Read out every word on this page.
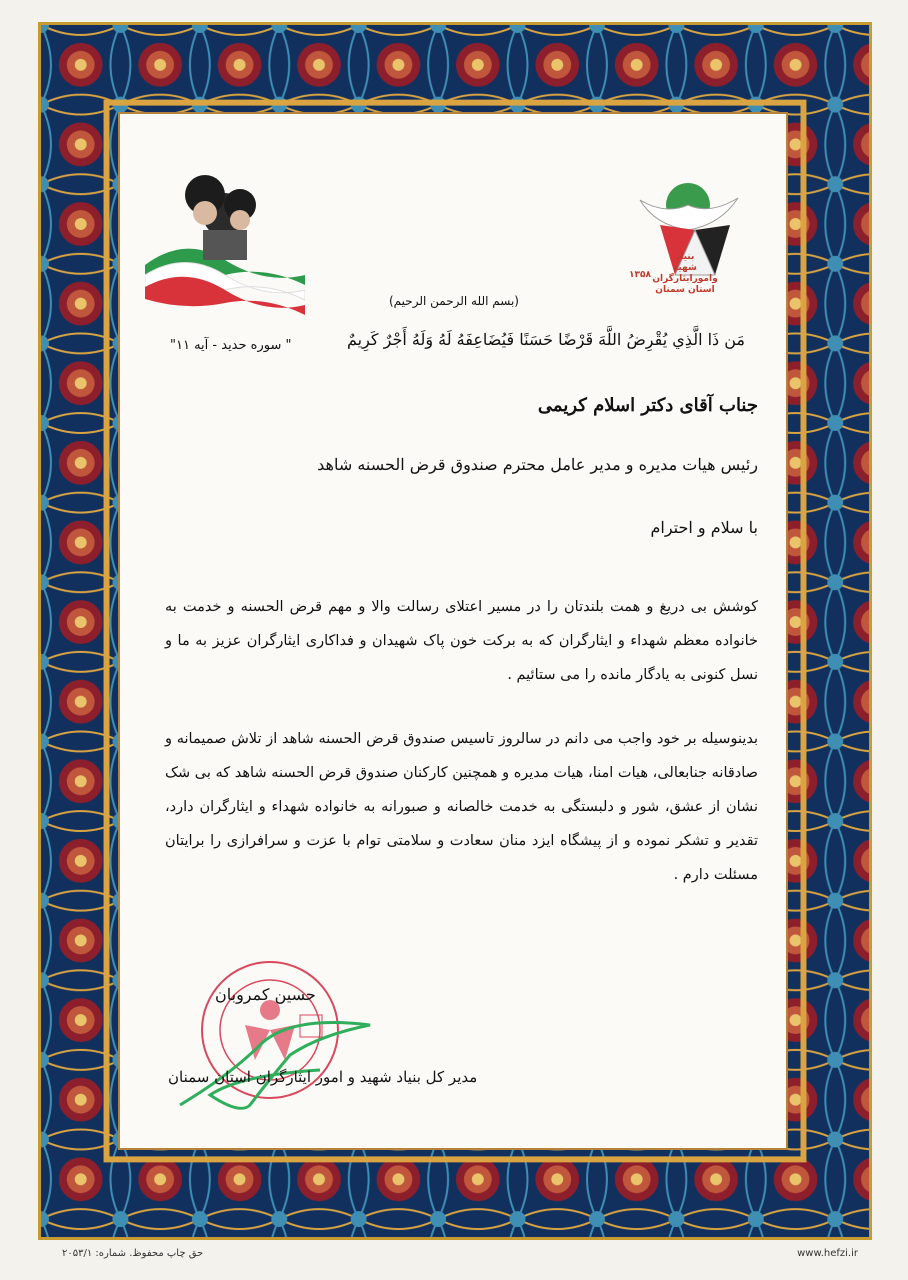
۱۳۵۸
بنیاد
شهید
وامورایثارگران
استان سمنان
(بسم الله الرحمن الرحیم)
مَن ذَا الَّذِي يُقْرِضُ اللَّهَ قَرْضًا حَسَنًا فَيُضَاعِفَهُ لَهُ وَلَهُ أَجْرٌ كَرِيمٌ
" سوره حدید - آیه ۱۱"
جناب آقای دکتر اسلام کریمی
رئیس هیات مدیره و مدیر عامل محترم صندوق قرض الحسنه شاهد
با سلام و احترام
کوشش بی دریغ و همت بلندتان را در مسیر اعتلای رسالت والا و مهم قرض الحسنه و خدمت به خانواده معظم شهداء و ایثارگران که به برکت خون پاک شهیدان و فداکاری ایثارگران عزیز به ما و نسل کنونی به یادگار مانده را می ستائیم .
بدینوسیله بر خود واجب می دانم در سالروز تاسیس صندوق قرض الحسنه شاهد از تلاش صمیمانه و صادقانه جنابعالی، هیات امنا، هیات مدیره و همچنین کارکنان صندوق قرض الحسنه شاهد که بی شک نشان از عشق، شور و دلبستگی به خدمت خالصانه و صبورانه به خانواده شهداء و ایثارگران دارد، تقدیر و تشکر نموده و از پیشگاه ایزد منان سعادت و سلامتی توام با عزت و سرافرازی را برایتان مسئلت دارم .
حسین کمروبان
مدیر کل بنیاد شهید و امور ایثارگران استان سمنان
حق چاپ محفوظ. شماره: ۲۰۵۳/۱	www.hefzi.ir
